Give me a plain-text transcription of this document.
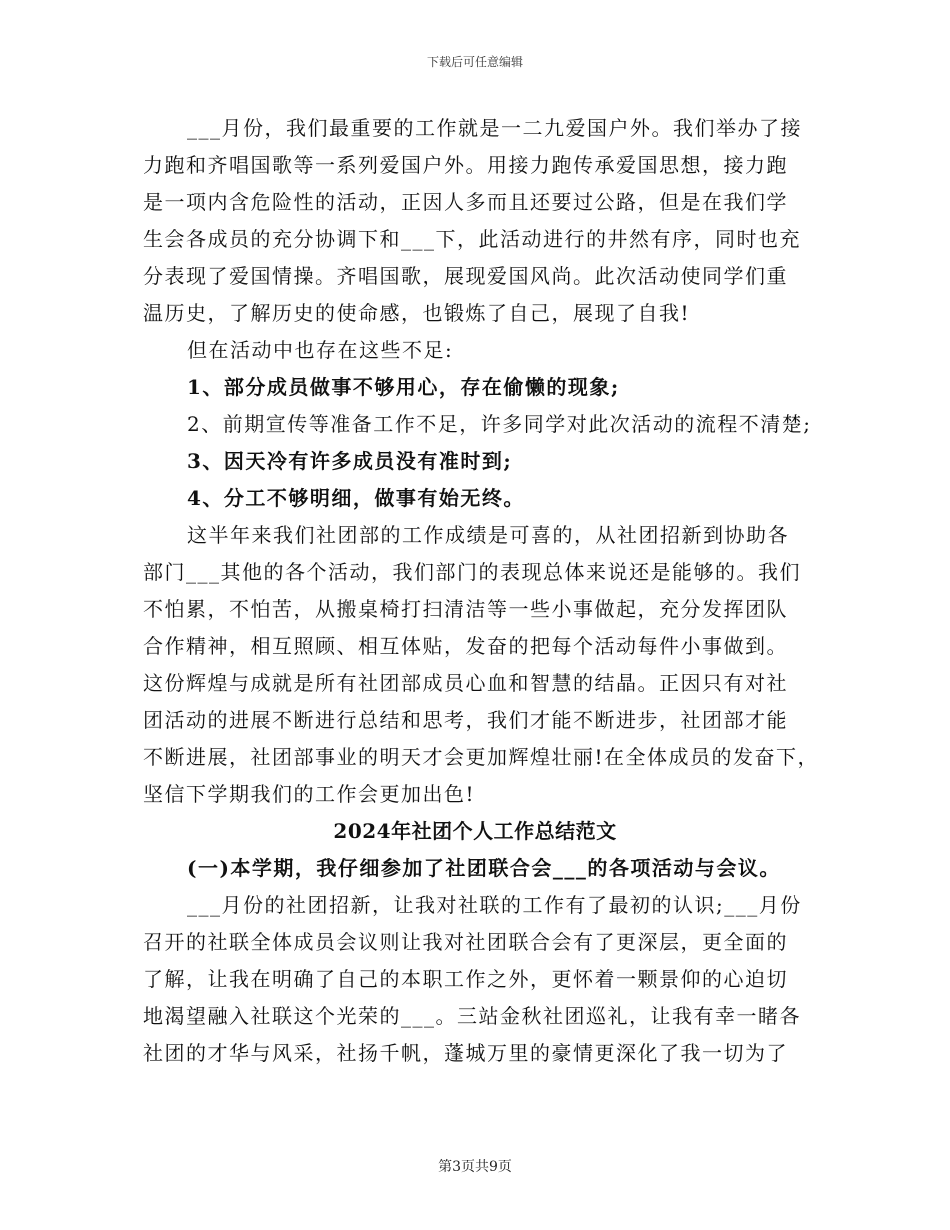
下载后可任意编辑
___月份，我们最重要的工作就是一二九爱国户外。我们举办了接
力跑和齐唱国歌等一系列爱国户外。用接力跑传承爱国思想，接力跑
是一项内含危险性的活动，正因人多而且还要过公路，但是在我们学
生会各成员的充分协调下和___下，此活动进行的井然有序，同时也充
分表现了爱国情操。齐唱国歌，展现爱国风尚。此次活动使同学们重
温历史，了解历史的使命感，也锻炼了自己，展现了自我!
但在活动中也存在这些不足:
1、部分成员做事不够用心，存在偷懒的现象;
2、前期宣传等准备工作不足，许多同学对此次活动的流程不清楚;
3、因天冷有许多成员没有准时到;
4、分工不够明细，做事有始无终。
这半年来我们社团部的工作成绩是可喜的，从社团招新到协助各
部门___其他的各个活动，我们部门的表现总体来说还是能够的。我们
不怕累，不怕苦，从搬桌椅打扫清洁等一些小事做起，充分发挥团队
合作精神，相互照顾、相互体贴，发奋的把每个活动每件小事做到。
这份辉煌与成就是所有社团部成员心血和智慧的结晶。正因只有对社
团活动的进展不断进行总结和思考，我们才能不断进步，社团部才能
不断进展，社团部事业的明天才会更加辉煌壮丽!在全体成员的发奋下，
坚信下学期我们的工作会更加出色!
2024年社团个人工作总结范文
(一)本学期，我仔细参加了社团联合会___的各项活动与会议。
___月份的社团招新，让我对社联的工作有了最初的认识;___月份
召开的社联全体成员会议则让我对社团联合会有了更深层，更全面的
了解，让我在明确了自己的本职工作之外，更怀着一颗景仰的心迫切
地渴望融入社联这个光荣的___。三站金秋社团巡礼，让我有幸一睹各
社团的才华与风采，社扬千帆，蓬城万里的豪情更深化了我一切为了
第3页共9页
